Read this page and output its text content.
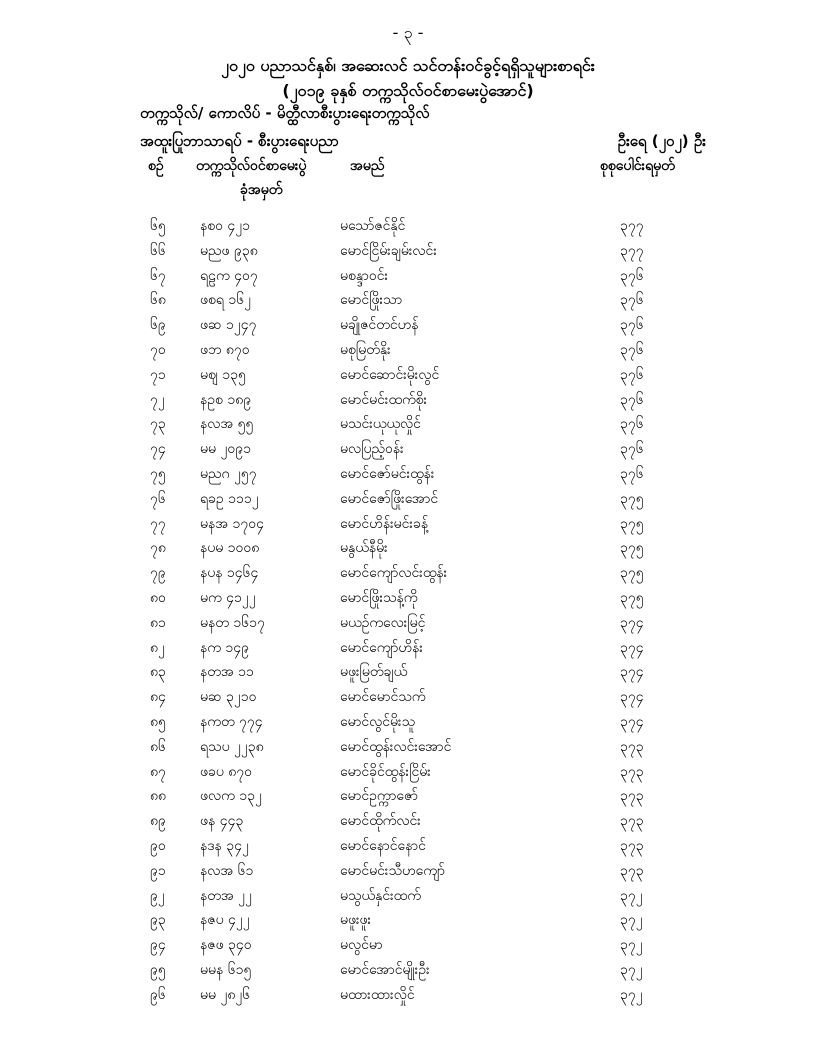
- ၃ -
၂၀၂၀ ပညာသင်နှစ်၊ အဆေးလင် သင်တန်းဝင်ခွင့်ရရှိသူများစာရင်း
(၂၀၁၉ ခုနှစ် တက္ကသိုလ်ဝင်စာမေးပွဲအောင်)
တက္ကသိုလ်/ ကောလိပ် - မိတ္ထီလာစီးပွားရေးတက္ကသိုလ်
အထူးပြုဘာသာရပ် - စီးပွားရေးပညာ	ဦးရေ (၂၀၂) ဦး
စဉ် တက္ကသိုလ်ဝင်စာမေးပွဲ
ခုံအမှတ်
အမည်	စုစုပေါင်းရမှတ်
၆၅	နစဝ ၄၂၁	မသော်ဇင်နိုင်	၃၇၇
၆၆	မညဖ ၉၃၈	မောင်ငြိမ်းချမ်းလင်း	၃၇၇
၆၇	ရဠက ၄၀၇	မစန္ဒာဝင်း	၃၇၆
၆၈	ဖစရ ၁၆၂	မောင်ဖြိုးသာ	၃၇၆
၆၉	ဖဆ ၁၂၄၇	မချိုဇင်တင်ဟန်	၃၇၆
၇၀	ဖဘ ၈၇၀	မစုမြတ်နိုး	၃၇၆
၇၁	မဈ ၁၃၅	မောင်ဆောင်းမိုးလွင်	၃၇၆
၇၂	နဥစ ၁၈၉	မောင်မင်းထက်စိုး	၃၇၆
၇၃	နလအ ၅၅	မသင်းယုယုလှိုင်	၃၇၆
၇၄	မမ ၂၀၉၁	မလပြည့်ဝန်း	၃၇၆
၇၅	မညဂ ၂၅၇	မောင်ဇော်မင်းထွန်း	၃၇၆
၇၆	ရခဥ ၁၁၁၂	မောင်ဇော်ဖြိုးအောင်	၃၇၅
၇၇	မနအ ၁၇၀၄	မောင်ဟိန်းမင်းခန့်	၃၇၅
၇၈	နပမ ၁၀၀၈	မနွယ်နီမိုး	၃၇၅
၇၉	နပန ၁၄၆၄	မောင်ကျော်လင်းထွန်း	၃၇၅
၈၀	မက ၄၁၂၂	မောင်ဖြိုးသန့်ကို	၃၇၅
၈၁	မနတ ၁၆၁၇	မယဉ်ကလေးမြင့်	၃၇၄
၈၂	နက ၁၄၉	မောင်ကျော်ဟိန်း	၃၇၄
၈၃	နတအ ၁၁	မဖူးမြတ်ချယ်	၃၇၄
၈၄	မဆ ၃၂၁၀	မောင်မောင်သက်	၃၇၄
၈၅	နကတ ၇၇၄	မောင်လွင်မိုးသူ	၃၇၄
၈၆	ရသပ ၂၂၃၈	မောင်ထွန်းလင်းအောင်	၃၇၃
၈၇	ဖခပ ၈၇၀	မောင်ခိုင်ထွန်းငြိမ်း	၃၇၃
၈၈	ဖလက ၁၃၂	မောင်ဥက္ကာဇော်	၃၇၃
၈၉	ဖန ၄၄၃	မောင်ထိုက်လင်း	၃၇၃
၉၀	နဒန ၃၄၂	မောင်နောင်နောင်	၃၇၃
၉၁	နလအ ၆၁	မောင်မင်းသီဟကျော်	၃၇၃
၉၂	နတအ ၂၂	မသွယ်နှင်းထက်	၃၇၂
၉၃	နဇပ ၄၂၂	မဖူးဖူး	၃၇၂
၉၄	နဇဖ ၃၄၀	မလွင်မာ	၃၇၂
၉၅	မမန ၆၁၅	မောင်အောင်မျိုးဦး	၃၇၂
၉၆	မမ ၂၈၂၆	မထားထားလှိုင်	၃၇၂
